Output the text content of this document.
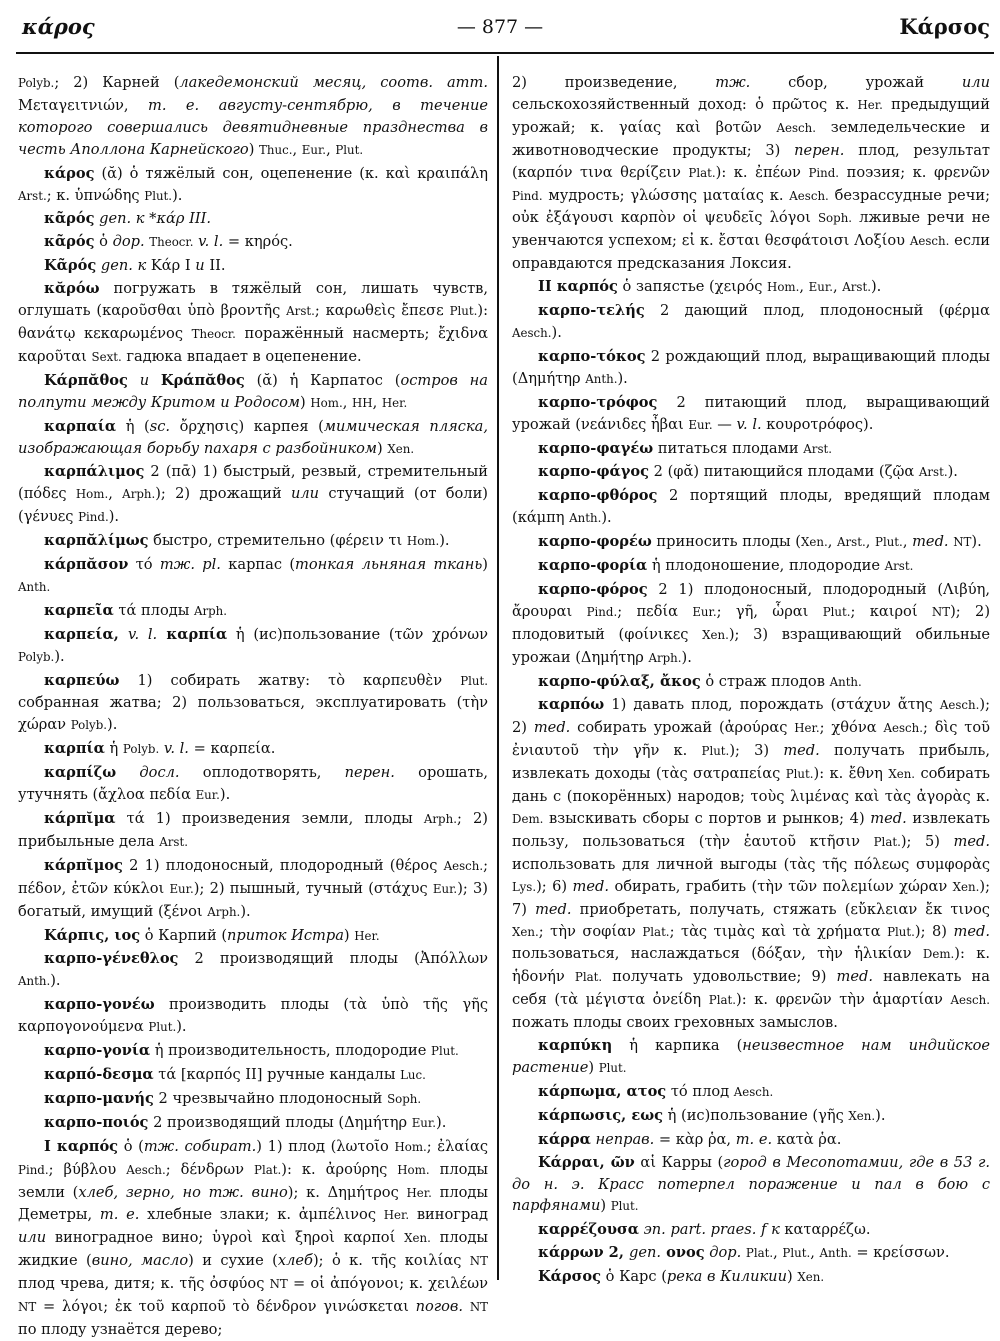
κάρος	— 877 —	Κάρσος

Polyb.; 2) Карней (лакедемонский месяц, соотв. атт. Μεταγειτνιών, т. е. августу-сентябрю, в течение которого совершались девятидневные празднества в честь Аполлона Карнейского) Thuc., Eur., Plut.

κάρος (ᾰ) ὁ тяжёлый сон, оцепенение (κ. καὶ κραιπάλη Arst.; κ. ὑπνώδης Plut.).

κᾶρός gen. к *κάρ III.

κᾶρός ὁ дор. Theocr. v. l. = κηρός.

Κᾶρός gen. к Κάρ I и II.

κᾰρόω погружать в тяжёлый сон, лишать чувств, оглушать (καροῦσθαι ὑπὸ βροντῆς Arst.; καρωθεὶς ἔπεσε Plut.): θανάτῳ κεκαρωμένος Theocr. поражённый насмерть; ἔχιδνα καροῦται Sext. гадюка впадает в оцепенение.

Κάρπᾰθος и Κράπᾰθος (ᾰ) ἡ Карпатос (остров на полпути между Критом и Родосом) Hom., HH, Her.

καρπαία ἡ (sc. ὄρχησις) карпея (мимическая пляска, изображающая борьбу пахаря с разбойником) Xen.

καρπάλιμος 2 (πᾱ) 1) быстрый, резвый, стремительный (πόδες Hom., Arph.); 2) дрожащий или стучащий (от боли) (γένυες Pind.).

καρπᾰλίμως быстро, стремительно (φέρειν τι Hom.).

κάρπᾰσον τό тж. pl. карпас (тонкая льняная ткань) Anth.

καρπεῖα τά плоды Arph.

καρπεία, v. l. καρπία ἡ (ис)пользование (τῶν χρόνων Polyb.).

καρπεύω 1) собирать жатву: τὸ καρπευθὲν Plut. собранная жатва; 2) пользоваться, эксплуатировать (τὴν χώραν Polyb.).

καρπία ἡ Polyb. v. l. = καρπεία.

καρπίζω досл. оплодотворять, перен. орошать, утучнять (ἄχλοα πεδία Eur.).

κάρπῐμα τά 1) произведения земли, плоды Arph.; 2) прибыльные дела Arst.

κάρπῐμος 2 1) плодоносный, плодородный (θέρος Aesch.; πέδον, ἐτῶν κύκλοι Eur.); 2) пышный, тучный (στάχυς Eur.); 3) богатый, имущий (ξένοι Arph.).

Κάρπις, ιος ὁ Карпий (приток Истра) Her.

καρπο-γένεθλος 2 производящий плоды (Ἀπόλλων Anth.).

καρπο-γονέω производить плоды (τὰ ὑπὸ τῆς γῆς καρπογονούμενα Plut.).

καρπο-γονία ἡ производительность, плодородие Plut.

καρπό-δεσμα τά [καρπός II] ручные кандалы Luc.

καρπο-μανής 2 чрезвычайно плодоносный Soph.

καρπο-ποιός 2 производящий плоды (Δημήτηρ Eur.).

I καρπός ὁ (тж. собират.) 1) плод (λωτοῖο Hom.; ἐλαίας Pind.; βύβλου Aesch.; δένδρων Plat.): κ. ἀρούρης Hom. плоды земли (хлеб, зерно, но тж. вино); κ. Δημήτρος Her. плоды Деметры, т. е. хлебные злаки; κ. ἀμπέλινος Her. виноград или виноградное вино; ὑγροὶ καὶ ξηροὶ καρποί Xen. плоды жидкие (вино, масло) и сухие (хлеб); ὁ κ. τῆς κοιλίας NT плод чрева, дитя; κ. τῆς ὀσφύος NT = οἱ ἀπόγονοι; κ. χειλέων NT = λόγοι; ἐκ τοῦ καρποῦ τὸ δένδρον γινώσκεται погов. NT по плоду узнаётся дерево;

2) произведение, тж. сбор, урожай или сельскохозяйственный доход: ὁ πρῶτος κ. Her. предыдущий урожай; κ. γαίας καὶ βοτῶν Aesch. земледельческие и животноводческие продукты; 3) перен. плод, результат (καρπόν τινα θερίζειν Plat.): κ. ἐπέων Pind. поэзия; κ. φρενῶν Pind. мудрость; γλώσσης ματαίας κ. Aesch. безрассудные речи; οὐκ ἐξάγουσι καρπὸν οἱ ψευδεῖς λόγοι Soph. лживые речи не увенчаются успехом; εἰ κ. ἔσται θεσφάτοισι Λοξίου Aesch. если оправдаются предсказания Локсия.

II καρπός ὁ запястье (χειρός Hom., Eur., Arst.).

καρπο-τελής 2 дающий плод, плодоносный (φέρμα Aesch.).

καρπο-τόκος 2 рождающий плод, выращивающий плоды (Δημήτηρ Anth.).

καρπο-τρόφος 2 питающий плод, выращивающий урожай (νεάνιδες ἦβαι Eur. — v. l. κουροτρόφος).

καρπο-φαγέω питаться плодами Arst.

καρπο-φάγος 2 (φᾰ) питающийся плодами (ζῷα Arst.).

καρπο-φθόρος 2 портящий плоды, вредящий плодам (κάμπη Anth.).

καρπο-φορέω приносить плоды (Xen., Arst., Plut., med. NT).

καρπο-φορία ἡ плодоношение, плодородие Arst.

καρπο-φόρος 2 1) плодоносный, плодородный (Λιβύη, ἄρουραι Pind.; πεδία Eur.; γῆ, ὧραι Plut.; καιροί NT); 2) плодовитый (φοίνικες Xen.); 3) взращивающий обильные урожаи (Δημήτηρ Arph.).

καρπο-φύλαξ, ἄκος ὁ страж плодов Anth.

καρπόω 1) давать плод, порождать (στάχυν ἄτης Aesch.); 2) med. собирать урожай (ἀρούρας Her.; χθόνα Aesch.; δὶς τοῦ ἐνιαυτοῦ τὴν γῆν κ. Plut.); 3) med. получать прибыль, извлекать доходы (τὰς σατραπείας Plut.): κ. ἔθνη Xen. собирать дань с (покорённых) народов; τοὺς λιμένας καὶ τὰς ἀγορὰς κ. Dem. взыскивать сборы с портов и рынков; 4) med. извлекать пользу, пользоваться (τὴν ἑαυτοῦ κτῆσιν Plat.); 5) med. использовать для личной выгоды (τὰς τῆς πόλεως συμφορὰς Lys.); 6) med. обирать, грабить (τὴν τῶν πολεμίων χώραν Xen.); 7) med. приобретать, получать, стяжать (εὔκλειαν ἔκ τινος Xen.; τὴν σοφίαν Plat.; τὰς τιμὰς καὶ τὰ χρήματα Plut.); 8) med. пользоваться, наслаждаться (δόξαν, τὴν ἡλικίαν Dem.): κ. ἡδονήν Plat. получать удовольствие; 9) med. навлекать на себя (τὰ μέγιστα ὀνείδη Plat.): κ. φρενῶν τὴν ἁμαρτίαν Aesch. пожать плоды своих греховных замыслов.

καρπύκη ἡ карпика (неизвестное нам индийское растение) Plut.

κάρπωμα, ατος τό плод Aesch.

κάρπωσις, εως ἡ (ис)пользование (γῆς Xen.).

κάρρα неправ. = κὰρ ῥα, т. е. κατὰ ῥα.

Κάρραι, ῶν αἱ Карры (город в Месопотамии, где в 53 г. до н. э. Красс потерпел поражение и пал в бою с парфянами) Plut.

καρρέζουσα эп. part. praes. f к καταρρέζω.

κάρρων 2, gen. ονος дор. Plat., Plut., Anth. = κρείσσων.

Κάρσος ὁ Карс (река в Киликии) Xen.
